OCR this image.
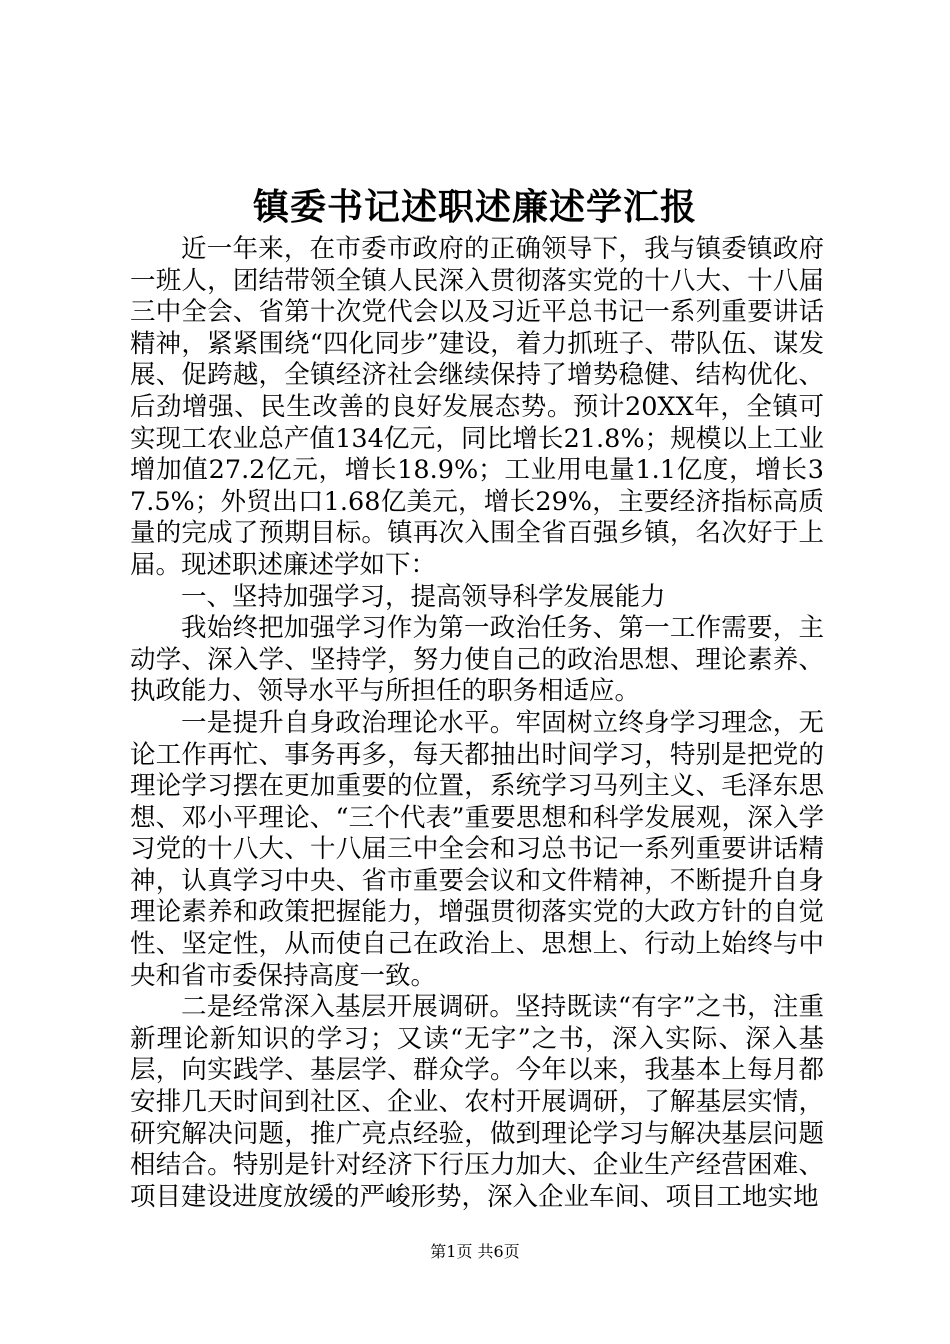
镇委书记述职述廉述学汇报

近一年来，在市委市政府的正确领导下，我与镇委镇政府一班人，团结带领全镇人民深入贯彻落实党的十八大、十八届三中全会、省第十次党代会以及习近平总书记一系列重要讲话精神，紧紧围绕“四化同步”建设，着力抓班子、带队伍、谋发展、促跨越，全镇经济社会继续保持了增势稳健、结构优化、后劲增强、民生改善的良好发展态势。预计20XX年，全镇可实现工农业总产值134亿元，同比增长21.8%；规模以上工业增加值27.2亿元，增长18.9%；工业用电量1.1亿度，增长37.5%；外贸出口1.68亿美元，增长29%，主要经济指标高质量的完成了预期目标。镇再次入围全省百强乡镇，名次好于上届。现述职述廉述学如下：

一、坚持加强学习，提高领导科学发展能力

我始终把加强学习作为第一政治任务、第一工作需要，主动学、深入学、坚持学，努力使自己的政治思想、理论素养、执政能力、领导水平与所担任的职务相适应。

一是提升自身政治理论水平。牢固树立终身学习理念，无论工作再忙、事务再多，每天都抽出时间学习，特别是把党的理论学习摆在更加重要的位置，系统学习马列主义、毛泽东思想、邓小平理论、“三个代表”重要思想和科学发展观，深入学习党的十八大、十八届三中全会和习总书记一系列重要讲话精神，认真学习中央、省市重要会议和文件精神，不断提升自身理论素养和政策把握能力，增强贯彻落实党的大政方针的自觉性、坚定性，从而使自己在政治上、思想上、行动上始终与中央和省市委保持高度一致。

二是经常深入基层开展调研。坚持既读“有字”之书，注重新理论新知识的学习；又读“无字”之书，深入实际、深入基层，向实践学、基层学、群众学。今年以来，我基本上每月都安排几天时间到社区、企业、农村开展调研，了解基层实情，研究解决问题，推广亮点经验，做到理论学习与解决基层问题相结合。特别是针对经济下行压力加大、企业生产经营困难、项目建设进度放缓的严峻形势，深入企业车间、项目工地实地

第1页 共6页
